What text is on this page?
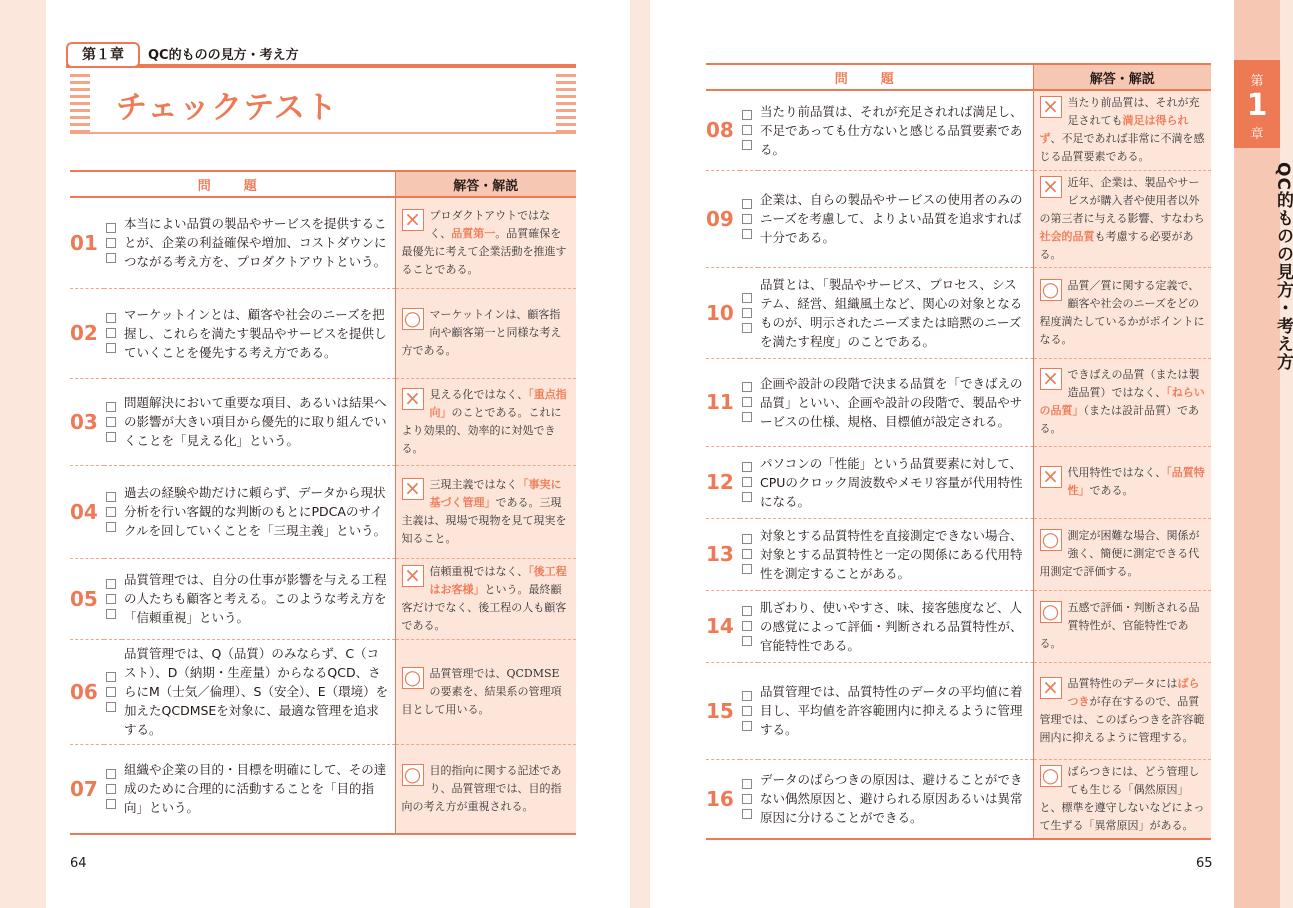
第
1
章
QC的ものの見方・考え方
第１章	QC的ものの見方・考え方
チェックテスト
問　題			解答・解説
01		本当によい品質の製品やサービスを提供することが、企業の利益確保や増加、コストダウンにつながる考え方を、プロダクトアウトという。	× プロダクトアウトではなく、品質第一。品質確保を最優先に考えて企業活動を推進することである。
02		マーケットインとは、顧客や社会のニーズを把握し、これらを満たす製品やサービスを提供していくことを優先する考え方である。	○ マーケットインは、顧客指向や顧客第一と同様な考え方である。
03		問題解決において重要な項目、あるいは結果への影響が大きい項目から優先的に取り組んでいくことを「見える化」という。	× 見える化ではなく、「重点指向」のことである。これにより効果的、効率的に対処できる。
04		過去の経験や勘だけに頼らず、データから現状分析を行い客観的な判断のもとにPDCAのサイクルを回していくことを「三現主義」という。	× 三現主義ではなく「事実に基づく管理」である。三現主義は、現場で現物を見て現実を知ること。
05		品質管理では、自分の仕事が影響を与える工程の人たちも顧客と考える。このような考え方を「信頼重視」という。	× 信頼重視ではなく、「後工程はお客様」という。最終顧客だけでなく、後工程の人も顧客である。
06		品質管理では、Q（品質）のみならず、C（コスト）、D（納期・生産量）からなるQCD、さらにM（士気／倫理）、S（安全）、E（環境）を加えたQCDMSEを対象に、最適な管理を追求する。	○ 品質管理では、QCDMSEの要素を、結果系の管理項目として用いる。
07		組織や企業の目的・目標を明確にして、その達成のために合理的に活動することを「目的指向」という。	○ 目的指向に関する記述であり、品質管理では、目的指向の考え方が重視される。
問　題			解答・解説
08		当たり前品質は、それが充足されれば満足し、不足であっても仕方ないと感じる品質要素である。	× 当たり前品質は、それが充足されても満足は得られず、不足であれば非常に不満を感じる品質要素である。
09		企業は、自らの製品やサービスの使用者のみのニーズを考慮して、よりよい品質を追求すれば十分である。	× 近年、企業は、製品やサービスが購入者や使用者以外の第三者に与える影響、すなわち社会的品質も考慮する必要がある。
10		品質とは、「製品やサービス、プロセス、システム、経営、組織風土など、関心の対象となるものが、明示されたニーズまたは暗黙のニーズを満たす程度」のことである。	○ 品質／質に関する定義で、顧客や社会のニーズをどの程度満たしているかがポイントになる。
11		企画や設計の段階で決まる品質を「できばえの品質」といい、企画や設計の段階で、製品やサービスの仕様、規格、目標値が設定される。	× できばえの品質（または製造品質）ではなく、「ねらいの品質」（または設計品質）である。
12		パソコンの「性能」という品質要素に対して、CPUのクロック周波数やメモリ容量が代用特性になる。	× 代用特性ではなく、「品質特性」である。
13		対象とする品質特性を直接測定できない場合、対象とする品質特性と一定の関係にある代用特性を測定することがある。	○ 測定が困難な場合、関係が強く、簡便に測定できる代用測定で評価する。
14		肌ざわり、使いやすさ、味、接客態度など、人の感覚によって評価・判断される品質特性が、官能特性である。	○ 五感で評価・判断される品質特性が、官能特性である。
15		品質管理では、品質特性のデータの平均値に着目し、平均値を許容範囲内に抑えるように管理する。	× 品質特性のデータにはばらつきが存在するので、品質管理では、このばらつきを許容範囲内に抑えるように管理する。
16		データのばらつきの原因は、避けることができない偶然原因と、避けられる原因あるいは異常原因に分けることができる。	○ ばらつきには、どう管理しても生じる「偶然原因」と、標準を遵守しないなどによって生ずる「異常原因」がある。
64	65
